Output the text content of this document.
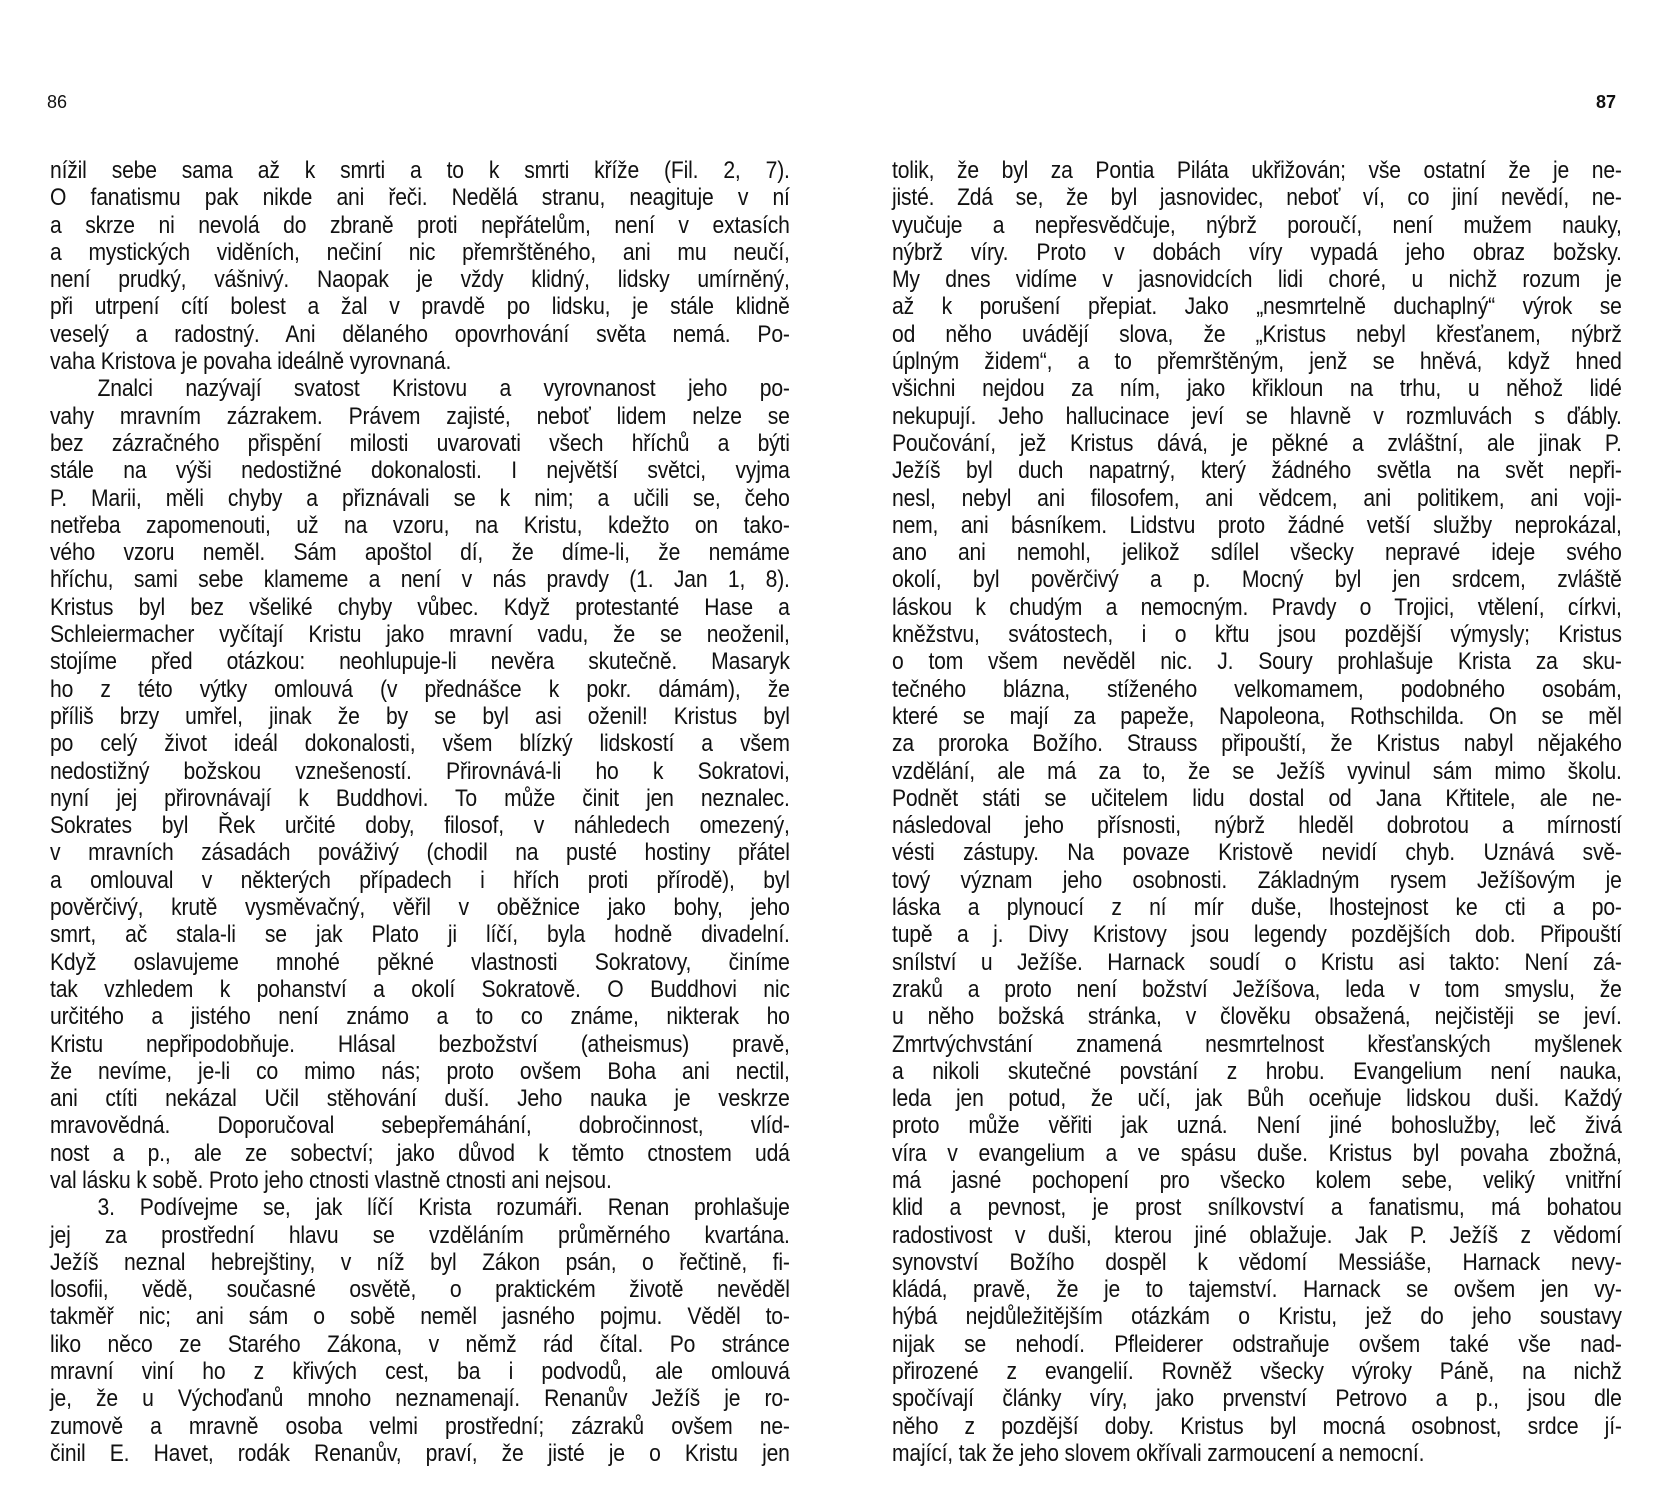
86	87
nížil sebe sama až k smrti a to k smrti kříže (Fil. 2, 7).
O fanatismu pak nikde ani řeči. Nedělá stranu, neagituje v ní
a skrze ni nevolá do zbraně proti nepřátelům, není v extasích
a mystických viděních, nečiní nic přemrštěného, ani mu neučí,
není prudký, vášnivý. Naopak je vždy klidný, lidsky umírněný,
při utrpení cítí bolest a žal v pravdě po lidsku, je stále klidně
veselý a radostný. Ani dělaného opovrhování světa nemá. Po-
vaha Kristova je povaha ideálně vyrovnaná.
Znalci nazývají svatost Kristovu a vyrovnanost jeho po-
vahy mravním zázrakem. Právem zajisté, neboť lidem nelze se
bez zázračného přispění milosti uvarovati všech hříchů a býti
stále na výši nedostižné dokonalosti. I největší světci, vyjma
P. Marii, měli chyby a přiznávali se k nim; a učili se, čeho
netřeba zapomenouti, už na vzoru, na Kristu, kdežto on tako-
vého vzoru neměl. Sám apoštol dí, že díme-li, že nemáme
hříchu, sami sebe klameme a není v nás pravdy (1. Jan 1, 8).
Kristus byl bez všeliké chyby vůbec. Když protestanté Hase a
Schleiermacher vyčítají Kristu jako mravní vadu, že se neoženil,
stojíme před otázkou: neohlupuje-li nevěra skutečně. Masaryk
ho z této výtky omlouvá (v přednášce k pokr. dámám), že
příliš brzy umřel, jinak že by se byl asi oženil! Kristus byl
po celý život ideál dokonalosti, všem blízký lidskostí a všem
nedostižný božskou vznešeností. Přirovnává-li ho k Sokratovi,
nyní jej přirovnávají k Buddhovi. To může činit jen neznalec.
Sokrates byl Řek určité doby, filosof, v náhledech omezený,
v mravních zásadách pováživý (chodil na pusté hostiny přátel
a omlouval v některých případech i hřích proti přírodě), byl
pověrčivý, krutě vysměvačný, věřil v oběžnice jako bohy, jeho
smrt, ač stala-li se jak Plato ji líčí, byla hodně divadelní.
Když oslavujeme mnohé pěkné vlastnosti Sokratovy, činíme
tak vzhledem k pohanství a okolí Sokratově. O Buddhovi nic
určitého a jistého není známo a to co známe, nikterak ho
Kristu nepřipodobňuje. Hlásal bezbožství (atheismus) pravě,
že nevíme, je-li co mimo nás; proto ovšem Boha ani nectil,
ani ctíti nekázal Učil stěhování duší. Jeho nauka je veskrze
mravovědná. Doporučoval sebepřemáhání, dobročinnost, vlíd-
nost a p., ale ze sobectví; jako důvod k těmto ctnostem udá
val lásku k sobě. Proto jeho ctnosti vlastně ctnosti ani nejsou.
3. Podívejme se, jak líčí Krista rozumáři. Renan prohlašuje
jej za prostřední hlavu se vzděláním průměrného kvartána.
Ježíš neznal hebrejštiny, v níž byl Zákon psán, o řečtině, fi-
losofii, vědě, současné osvětě, o praktickém životě nevěděl
takměř nic; ani sám o sobě neměl jasného pojmu. Věděl to-
liko něco ze Starého Zákona, v němž rád čítal. Po stránce
mravní viní ho z křivých cest, ba i podvodů, ale omlouvá
je, že u Výchoďanů mnoho neznamenají. Renanův Ježíš je ro-
zumově a mravně osoba velmi prostřední; zázraků ovšem ne-
činil E. Havet, rodák Renanův, praví, že jisté je o Kristu jen
tolik, že byl za Pontia Piláta ukřižován; vše ostatní že je ne-
jisté. Zdá se, že byl jasnovidec, neboť ví, co jiní nevědí, ne-
vyučuje a nepřesvědčuje, nýbrž poroučí, není mužem nauky,
nýbrž víry. Proto v dobách víry vypadá jeho obraz božsky.
My dnes vidíme v jasnovidcích lidi choré, u nichž rozum je
až k porušení přepiat. Jako „nesmrtelně duchaplný“ výrok se
od něho uvádějí slova, že „Kristus nebyl křesťanem, nýbrž
úplným židem“, a to přemrštěným, jenž se hněvá, když hned
všichni nejdou za ním, jako křikloun na trhu, u něhož lidé
nekupují. Jeho hallucinace jeví se hlavně v rozmluvách s ďábly.
Poučování, jež Kristus dává, je pěkné a zvláštní, ale jinak P.
Ježíš byl duch napatrný, který žádného světla na svět nepři-
nesl, nebyl ani filosofem, ani vědcem, ani politikem, ani voji-
nem, ani básníkem. Lidstvu proto žádné vetší služby neprokázal,
ano ani nemohl, jelikož sdílel všecky nepravé ideje svého
okolí, byl pověrčivý a p. Mocný byl jen srdcem, zvláště
láskou k chudým a nemocným. Pravdy o Trojici, vtělení, církvi,
kněžstvu, svátostech, i o křtu jsou pozdější výmysly; Kristus
o tom všem nevěděl nic. J. Soury prohlašuje Krista za sku-
tečného blázna, stíženého velkomamem, podobného osobám,
které se mají za papeže, Napoleona, Rothschilda. On se měl
za proroka Božího. Strauss připouští, že Kristus nabyl nějakého
vzdělání, ale má za to, že se Ježíš vyvinul sám mimo školu.
Podnět státi se učitelem lidu dostal od Jana Křtitele, ale ne-
následoval jeho přísnosti, nýbrž hleděl dobrotou a mírností
vésti zástupy. Na povaze Kristově nevidí chyb. Uznává svě-
tový význam jeho osobnosti. Základným rysem Ježíšovým je
láska a plynoucí z ní mír duše, lhostejnost ke cti a po-
tupě a j. Divy Kristovy jsou legendy pozdějších dob. Připouští
snílství u Ježíše. Harnack soudí o Kristu asi takto: Není zá-
zraků a proto není božství Ježíšova, leda v tom smyslu, že
u něho božská stránka, v člověku obsažená, nejčistěji se jeví.
Zmrtvýchvstání znamená nesmrtelnost křesťanských myšlenek
a nikoli skutečné povstání z hrobu. Evangelium není nauka,
leda jen potud, že učí, jak Bůh oceňuje lidskou duši. Každý
proto může věřiti jak uzná. Není jiné bohoslužby, leč živá
víra v evangelium a ve spásu duše. Kristus byl povaha zbožná,
má jasné pochopení pro všecko kolem sebe, veliký vnitřní
klid a pevnost, je prost snílkovství a fanatismu, má bohatou
radostivost v duši, kterou jiné oblažuje. Jak P. Ježíš z vědomí
synovství Božího dospěl k vědomí Messiáše, Harnack nevy-
kládá, pravě, že je to tajemství. Harnack se ovšem jen vy-
hýbá nejdůležitějším otázkám o Kristu, jež do jeho soustavy
nijak se nehodí. Pfleiderer odstraňuje ovšem také vše nad-
přirozené z evangelií. Rovněž všecky výroky Páně, na nichž
spočívají články víry, jako prvenství Petrovo a p., jsou dle
něho z pozdější doby. Kristus byl mocná osobnost, srdce jí-
mající, tak že jeho slovem okřívali zarmoucení a nemocní.
